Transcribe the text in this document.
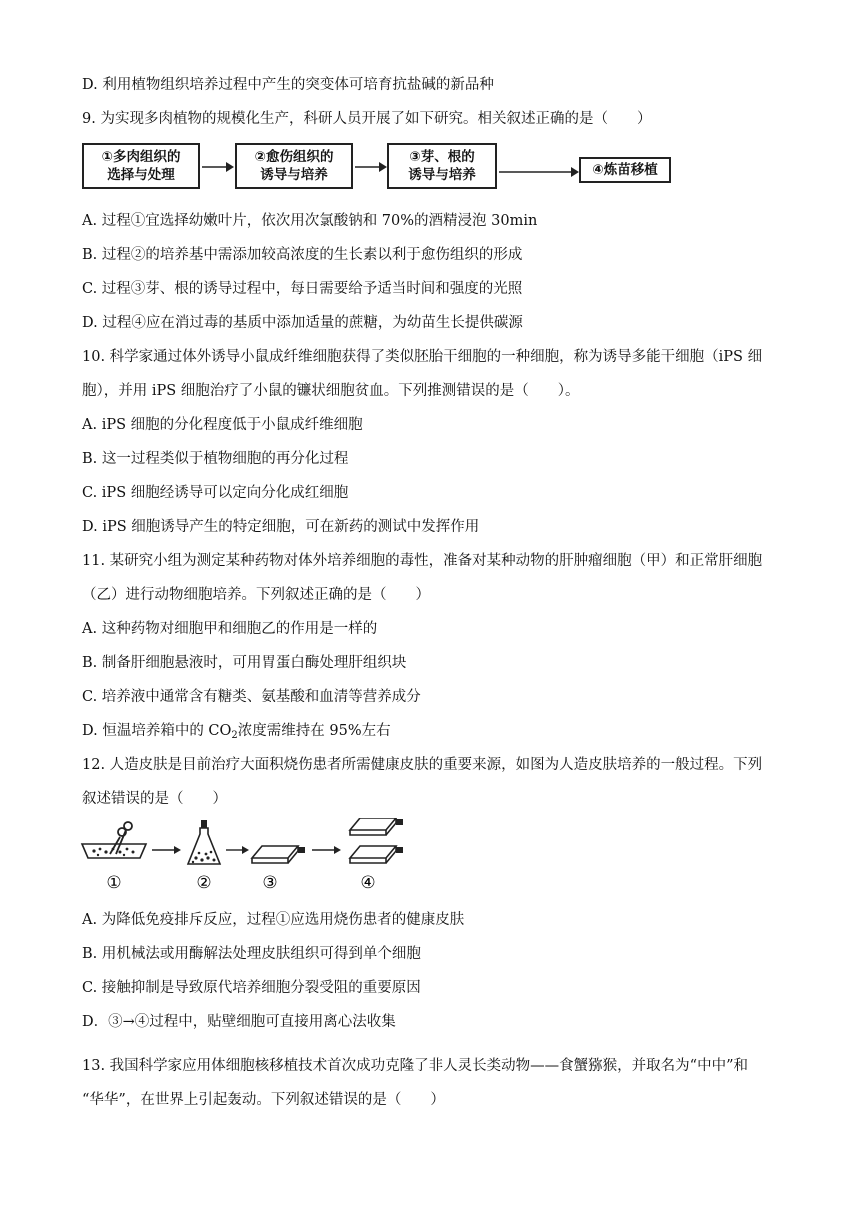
D. 利用植物组织培养过程中产生的突变体可培育抗盐碱的新品种
9. 为实现多肉植物的规模化生产，科研人员开展了如下研究。相关叙述正确的是（　　）
①多肉组织的
选择与处理
②愈伤组织的
诱导与培养
③芽、根的
诱导与培养	④炼苗移植
A. 过程①宜选择幼嫩叶片，依次用次氯酸钠和 70%的酒精浸泡 30min
B. 过程②的培养基中需添加较高浓度的生长素以利于愈伤组织的形成
C. 过程③芽、根的诱导过程中，每日需要给予适当时间和强度的光照
D. 过程④应在消过毒的基质中添加适量的蔗糖，为幼苗生长提供碳源
10. 科学家通过体外诱导小鼠成纤维细胞获得了类似胚胎干细胞的一种细胞，称为诱导多能干细胞（iPS 细
胞），并用 iPS 细胞治疗了小鼠的镰状细胞贫血。下列推测错误的是（　　）。
A. iPS 细胞的分化程度低于小鼠成纤维细胞
B. 这一过程类似于植物细胞的再分化过程
C. iPS 细胞经诱导可以定向分化成红细胞
D. iPS 细胞诱导产生的特定细胞，可在新药的测试中发挥作用
11. 某研究小组为测定某种药物对体外培养细胞的毒性，准备对某种动物的肝肿瘤细胞（甲）和正常肝细胞
（乙）进行动物细胞培养。下列叙述正确的是（　　）
A. 这种药物对细胞甲和细胞乙的作用是一样的
B. 制备肝细胞悬液时，可用胃蛋白酶处理肝组织块
C. 培养液中通常含有糖类、氨基酸和血清等营养成分
D. 恒温培养箱中的 $CO_2$浓度需维持在 95%左右
12. 人造皮肤是目前治疗大面积烧伤患者所需健康皮肤的重要来源，如图为人造皮肤培养的一般过程。下列
叙述错误的是（　　）
①	②	③	④
A. 为降低免疫排斥反应，过程①应选用烧伤患者的健康皮肤
B. 用机械法或用酶解法处理皮肤组织可得到单个细胞
C. 接触抑制是导致原代培养细胞分裂受阻的重要原因
D．③→④过程中，贴壁细胞可直接用离心法收集
13. 我国科学家应用体细胞核移植技术首次成功克隆了非人灵长类动物——食蟹猕猴，并取名为“中中”和
“华华”，在世界上引起轰动。下列叙述错误的是（　　）
